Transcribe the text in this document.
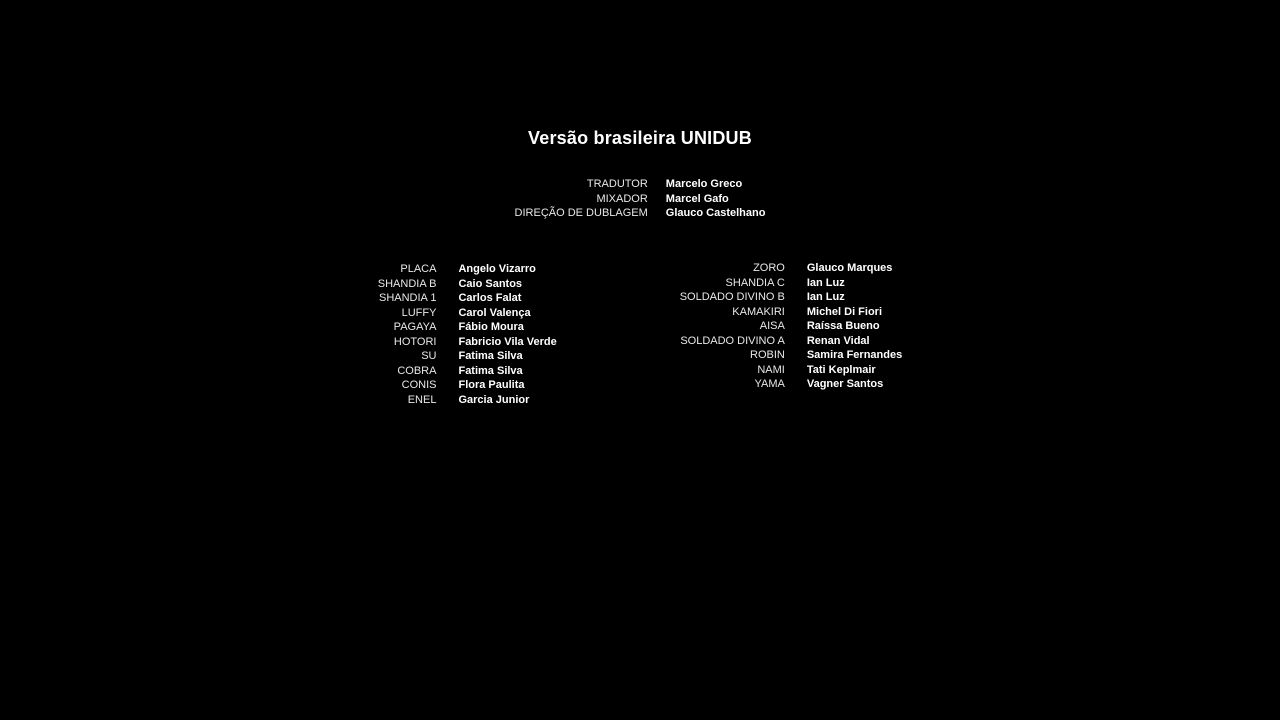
Versão brasileira UNIDUB
TRADUTOR Marcelo Greco
MIXADOR Marcel Gafo
DIREÇÃO DE DUBLAGEM Glauco Castelhano
PLACA Angelo Vizarro
SHANDIA B Caio Santos
SHANDIA 1 Carlos Falat
LUFFY Carol Valença
PAGAYA Fábio Moura
HOTORI Fabricio Vila Verde
SU Fatima Silva
COBRA Fatima Silva
CONIS Flora Paulita
ENEL Garcia Junior
ZORO Glauco Marques
SHANDIA C Ian Luz
SOLDADO DIVINO B Ian Luz
KAMAKIRI Michel Di Fiori
AISA Raíssa Bueno
SOLDADO DIVINO A Renan Vidal
ROBIN Samira Fernandes
NAMI Tati Keplmair
YAMA Vagner Santos
